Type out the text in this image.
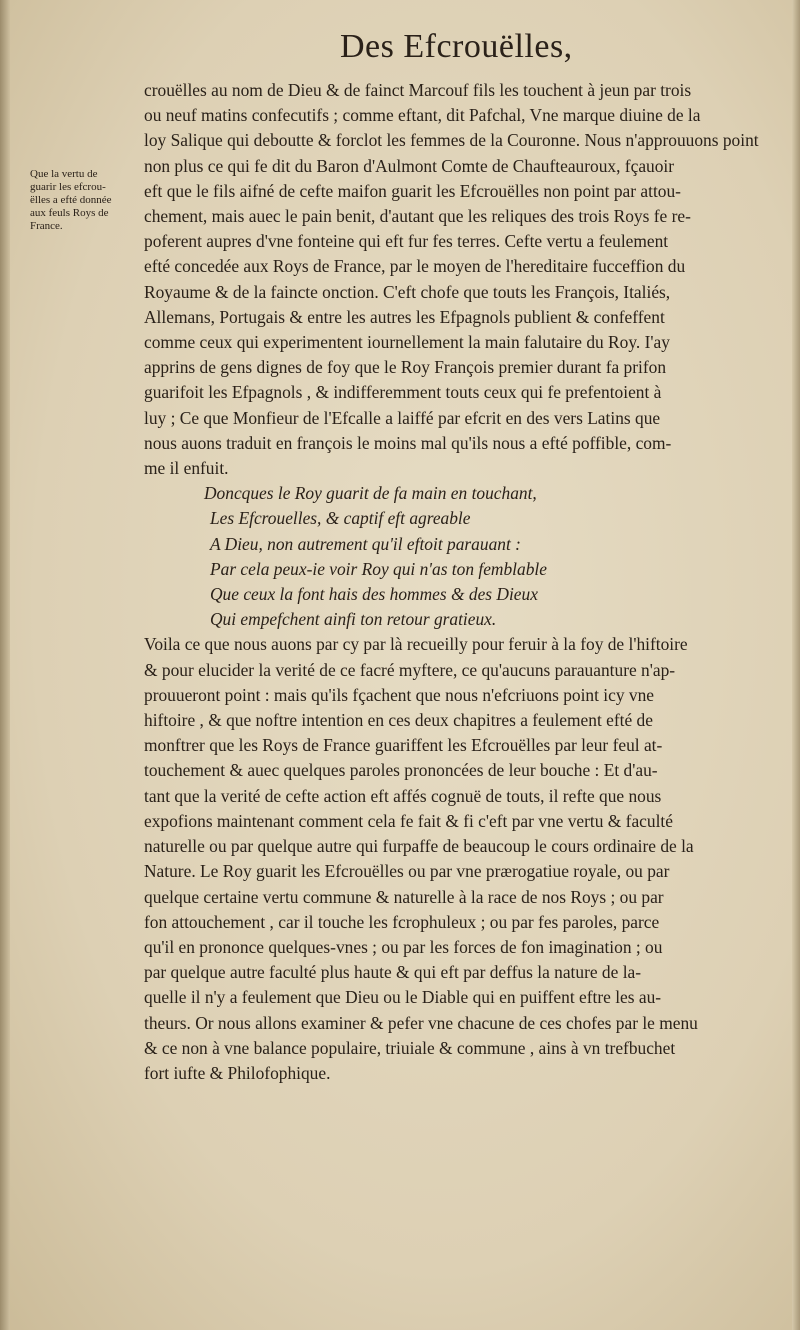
Des Efcrouëlles,
Que la vertu de
guarir les efcrou-
ëlles a efté donnée
aux feuls Roys de
France.
crouëlles au nom de Dieu & de fainct Marcouf fils les touchent à jeun par trois
ou neuf matins confecutifs ; comme eftant, dit Pafchal, Vne marque diuine de la
loy Salique qui deboutte & forclot les femmes de la Couronne. Nous n'approuuons point
non plus ce qui fe dit du Baron d'Aulmont Comte de Chaufteauroux, fçauoir
eft que le fils aifné de cefte maifon guarit les Efcrouëlles non point par attou-
chement, mais auec le pain benit, d'autant que les reliques des trois Roys fe re-
poferent aupres d'vne fonteine qui eft fur fes terres. Cefte vertu a feulement
efté concedée aux Roys de France, par le moyen de l'hereditaire fucceffion du
Royaume & de la faincte onction. C'eft chofe que touts les François, Italiés,
Allemans, Portugais & entre les autres les Efpagnols publient & confeffent
comme ceux qui experimentent iournellement la main falutaire du Roy. I'ay
apprins de gens dignes de foy que le Roy François premier durant fa prifon
guarifoit les Efpagnols , & indifferemment touts ceux qui fe prefentoient à
luy ; Ce que Monfieur de l'Efcalle a laiffé par efcrit en des vers Latins que
nous auons traduit en françois le moins mal qu'ils nous a efté poffible, com-
me il enfuit.
Doncques le Roy guarit de fa main en touchant,
Les Efcrouelles, & captif eft agreable
A Dieu, non autrement qu'il eftoit parauant :
Par cela peux-ie voir Roy qui n'as ton femblable
Que ceux la font hais des hommes & des Dieux
Qui empefchent ainfi ton retour gratieux.
Voila ce que nous auons par cy par là recueilly pour feruir à la foy de l'hiftoire
& pour elucider la verité de ce facré myftere, ce qu'aucuns parauanture n'ap-
prouueront point : mais qu'ils fçachent que nous n'efcriuons point icy vne
hiftoire , & que noftre intention en ces deux chapitres a feulement efté de
monftrer que les Roys de France guariffent les Efcrouëlles par leur feul at-
touchement & auec quelques paroles prononcées de leur bouche : Et d'au-
tant que la verité de cefte action eft affés cognuë de touts, il refte que nous
expofions maintenant comment cela fe fait & fi c'eft par vne vertu & faculté
naturelle ou par quelque autre qui furpaffe de beaucoup le cours ordinaire de la
Nature. Le Roy guarit les Efcrouëlles ou par vne prærogatiue royale, ou par
quelque certaine vertu commune & naturelle à la race de nos Roys ; ou par
fon attouchement , car il touche les fcrophuleux ; ou par fes paroles, parce
qu'il en prononce quelques-vnes ; ou par les forces de fon imagination ; ou
par quelque autre faculté plus haute & qui eft par deffus la nature de la-
quelle il n'y a feulement que Dieu ou le Diable qui en puiffent eftre les au-
theurs. Or nous allons examiner & pefer vne chacune de ces chofes par le menu
& ce non à vne balance populaire, triuiale & commune , ains à vn trefbuchet
fort iufte & Philofophique.
